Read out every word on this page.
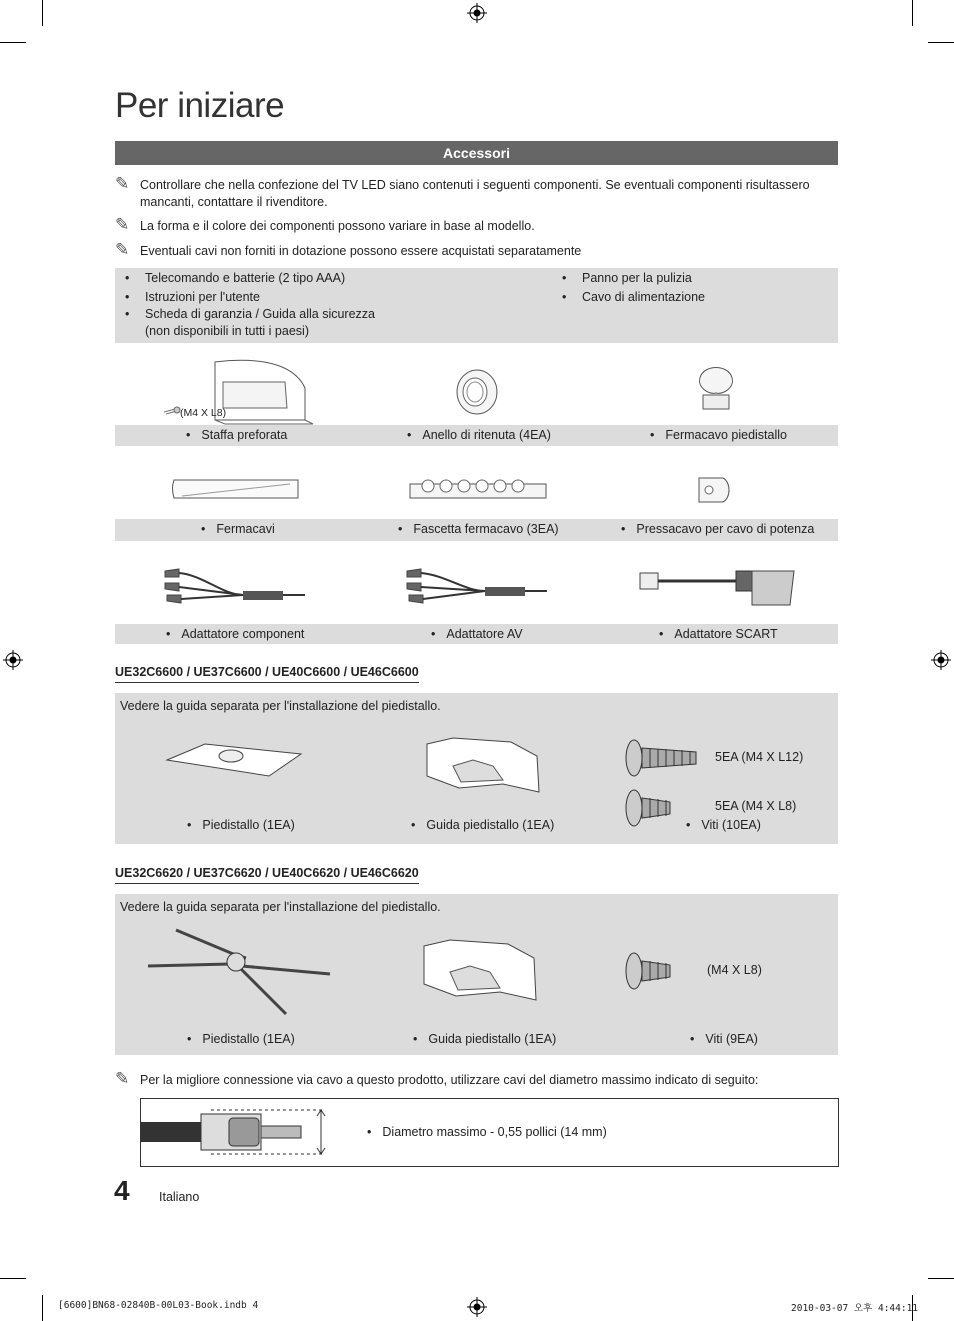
Per iniziare
Accessori
✎ Controllare che nella confezione del TV LED siano contenuti i seguenti componenti. Se eventuali componenti risultassero mancanti, contattare il rivenditore.
✎ La forma e il colore dei componenti possono variare in base al modello.
✎ Eventuali cavi non forniti in dotazione possono essere acquistati separatamente
• Telecomando e batterie (2 tipo AAA)
• Istruzioni per l'utente
• Scheda di garanzia / Guida alla sicurezza (non disponibili in tutti i paesi)
• Panno per la pulizia
• Cavo di alimentazione
(M4 X L8)
• Staffa preforata	• Anello di ritenuta (4EA)	• Fermacavo piedistallo
• Fermacavi	• Fascetta fermacavo (3EA)	• Pressacavo per cavo di potenza
• Adattatore component	• Adattatore AV	• Adattatore SCART
UE32C6600 / UE37C6600 / UE40C6600 / UE46C6600
Vedere la guida separata per l'installazione del piedistallo.
5EA (M4 X L12)
5EA (M4 X L8)
• Piedistallo (1EA)	• Guida piedistallo (1EA)	• Viti (10EA)
UE32C6620 / UE37C6620 / UE40C6620 / UE46C6620
Vedere la guida separata per l'installazione del piedistallo.
(M4 X L8)
• Piedistallo (1EA)	• Guida piedistallo (1EA)	• Viti (9EA)
✎ Per la migliore connessione via cavo a questo prodotto, utilizzare cavi del diametro massimo indicato di seguito:
• Diametro massimo - 0,55 pollici (14 mm)
4 Italiano
[6600]BN68-02840B-00L03-Book.indb 4	2010-03-07 오후 4:44:11
